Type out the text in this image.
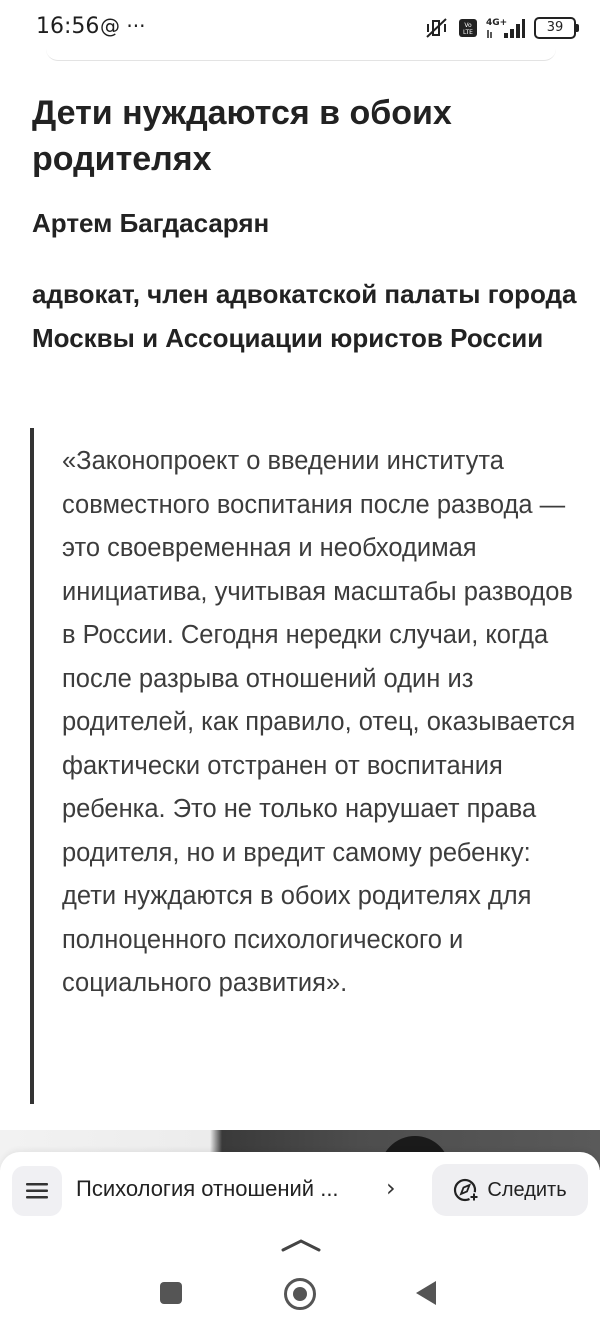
16:56 @ ···	Vo
LTE
4G+	39
Дети нуждаются в обоих родителях
Артем Багдасарян
адвокат, член адвокатской палаты города Москвы и Ассоциации юристов России
«Законопроект о введении института совместного воспитания после развода — это своевременная и необходимая инициатива, учитывая масштабы разводов в России. Сегодня нередки случаи, когда после разрыва отношений один из родителей, как правило, отец, оказывается фактически отстранен от воспитания ребенка. Это не только нарушает права родителя, но и вредит самому ребенку: дети нуждаются в обоих родителях для полноценного психологического и социального развития».
Психология отношений ... ›	Следить
